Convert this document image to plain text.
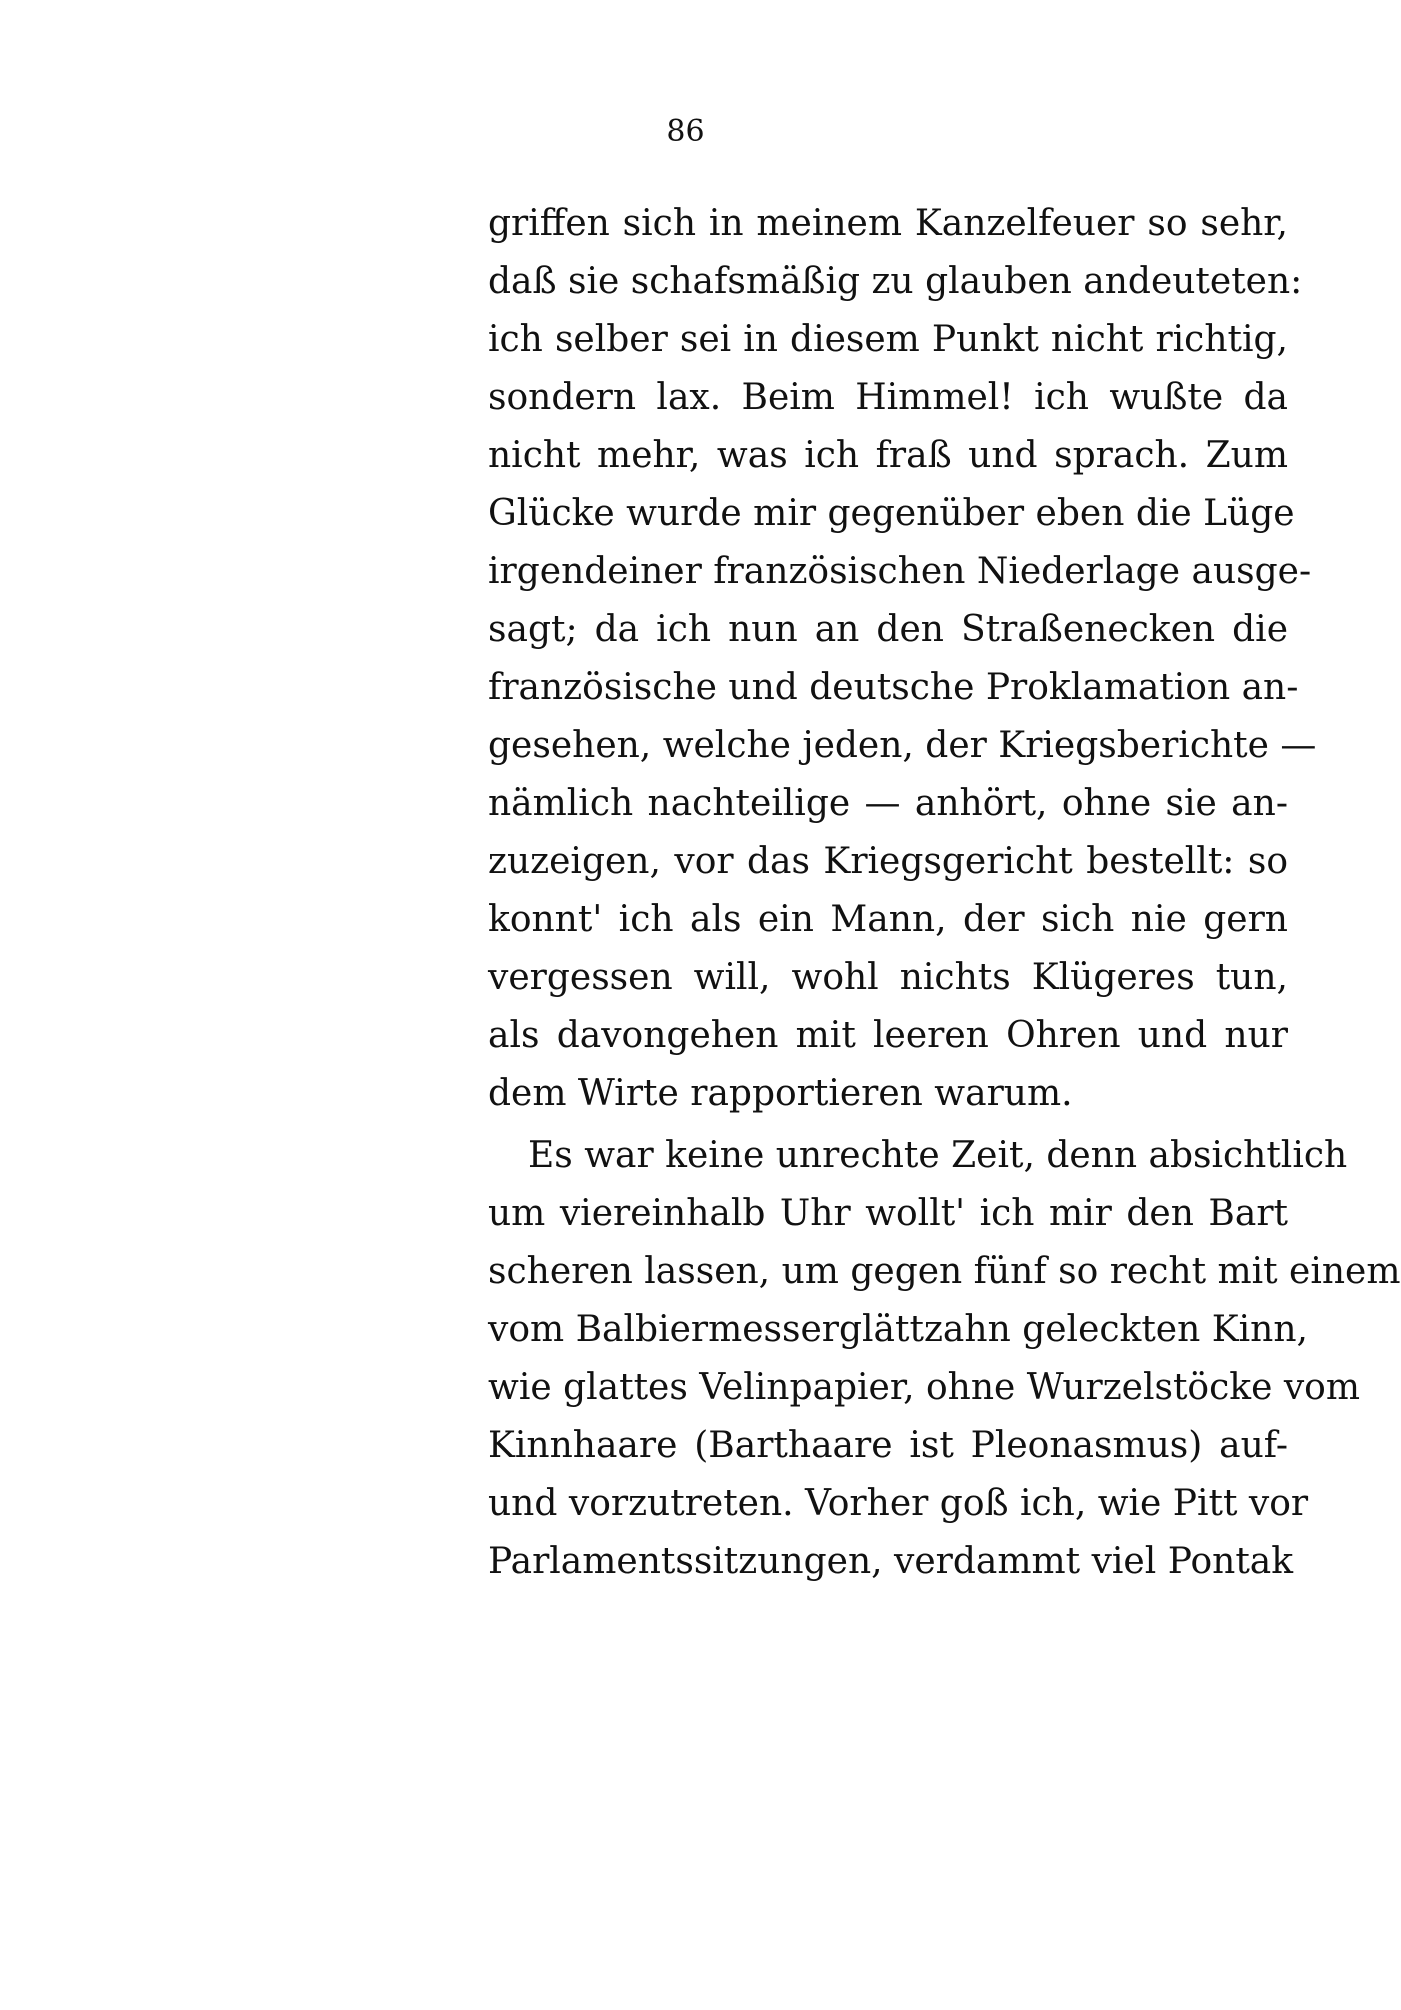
86

griffen sich in meinem Kanzelfeuer so sehr,
daß sie schafsmäßig zu glauben andeuteten:
ich selber sei in diesem Punkt nicht richtig,
sondern lax. Beim Himmel! ich wußte da
nicht mehr, was ich fraß und sprach. Zum
Glücke wurde mir gegenüber eben die Lüge
irgendeiner französischen Niederlage ausge-
sagt; da ich nun an den Straßenecken die
französische und deutsche Proklamation an-
gesehen, welche jeden, der Kriegsberichte —
nämlich nachteilige — anhört, ohne sie an-
zuzeigen, vor das Kriegsgericht bestellt: so
konnt' ich als ein Mann, der sich nie gern
vergessen will, wohl nichts Klügeres tun,
als davongehen mit leeren Ohren und nur
dem Wirte rapportieren warum.

Es war keine unrechte Zeit, denn absichtlich
um viereinhalb Uhr wollt' ich mir den Bart
scheren lassen, um gegen fünf so recht mit einem
vom Balbiermesserglättzahn geleckten Kinn,
wie glattes Velinpapier, ohne Wurzelstöcke vom
Kinnhaare (Barthaare ist Pleonasmus) auf-
und vorzutreten. Vorher goß ich, wie Pitt vor
Parlamentssitzungen, verdammt viel Pontak
